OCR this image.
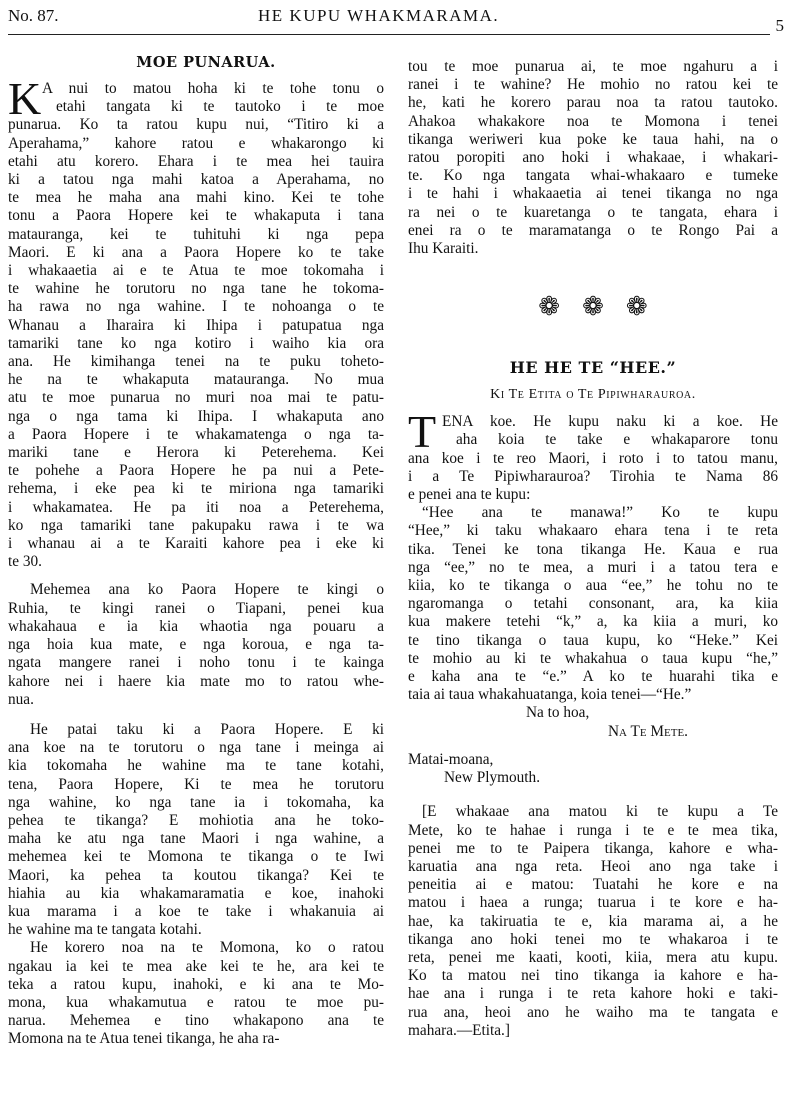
No. 87.	HE KUPU WHAKMARAMA.
5
MOE PUNARUA.
K A nui to matou hoha ki te tohe tonu o
etahi tangata ki te tautoko i te moe
punarua. Ko ta ratou kupu nui, “Titiro ki a
Aperahama,” kahore ratou e whakarongo ki
etahi atu korero. Ehara i te mea hei tauira
ki a tatou nga mahi katoa a Aperahama, no
te mea he maha ana mahi kino. Kei te tohe
tonu a Paora Hopere kei te whakaputa i tana
matauranga, kei te tuhituhi ki nga pepa
Maori. E ki ana a Paora Hopere ko te take
i whakaaetia ai e te Atua te moe tokomaha i
te wahine he torutoru no nga tane he tokoma-
ha rawa no nga wahine. I te nohoanga o te
Whanau a Iharaira ki Ihipa i patupatua nga
tamariki tane ko nga kotiro i waiho kia ora
ana. He kimihanga tenei na te puku toheto-
he na te whakaputa matauranga. No mua
atu te moe punarua no muri noa mai te patu-
nga o nga tama ki Ihipa. I whakaputa ano
a Paora Hopere i te whakamatenga o nga ta-
mariki tane e Herora ki Peterehema. Kei
te pohehe a Paora Hopere he pa nui a Pete-
rehema, i eke pea ki te miriona nga tamariki
i whakamatea. He pa iti noa a Peterehema,
ko nga tamariki tane pakupaku rawa i te wa
i whanau ai a te Karaiti kahore pea i eke ki
te 30.
Mehemea ana ko Paora Hopere te kingi o
Ruhia, te kingi ranei o Tiapani, penei kua
whakahaua e ia kia whaotia nga pouaru a
nga hoia kua mate, e nga koroua, e nga ta-
ngata mangere ranei i noho tonu i te kainga
kahore nei i haere kia mate mo to ratou whe-
nua.
He patai taku ki a Paora Hopere. E ki
ana koe na te torutoru o nga tane i meinga ai
kia tokomaha he wahine ma te tane kotahi,
tena, Paora Hopere, Ki te mea he torutoru
nga wahine, ko nga tane ia i tokomaha, ka
pehea te tikanga? E mohiotia ana he toko-
maha ke atu nga tane Maori i nga wahine, a
mehemea kei te Momona te tikanga o te Iwi
Maori, ka pehea ta koutou tikanga? Kei te
hiahia au kia whakamaramatia e koe, inahoki
kua marama i a koe te take i whakanuia ai
he wahine ma te tangata kotahi.
He korero noa na te Momona, ko o ratou
ngakau ia kei te mea ake kei te he, ara kei te
teka a ratou kupu, inahoki, e ki ana te Mo-
mona, kua whakamutua e ratou te moe pu-
narua. Mehemea e tino whakapono ana te
Momona na te Atua tenei tikanga, he aha ra-
tou te moe punarua ai, te moe ngahuru a i
ranei i te wahine? He mohio no ratou kei te
he, kati he korero parau noa ta ratou tautoko.
Ahakoa whakakore noa te Momona i tenei
tikanga weriweri kua poke ke taua hahi, na o
ratou poropiti ano hoki i whakaae, i whakari-
te. Ko nga tangata whai-whakaaro e tumeke
i te hahi i whakaaetia ai tenei tikanga no nga
ra nei o te kuaretanga o te tangata, ehara i
enei ra o te maramatanga o te Rongo Pai a
Ihu Karaiti.
❁❁❁
HE HE TE “HEE.”
Ki Te Etita o Te Pipiwharauroa.
T ENA koe. He kupu naku ki a koe. He
aha koia te take e whakaparore tonu
ana koe i te reo Maori, i roto i to tatou manu,
i a Te Pipiwharauroa? Tirohia te Nama 86
e penei ana te kupu:
“Hee ana te manawa!” Ko te kupu
“Hee,” ki taku whakaaro ehara tena i te reta
tika. Tenei ke tona tikanga He. Kaua e rua
nga “ee,” no te mea, a muri i a tatou tera e
kiia, ko te tikanga o aua “ee,” he tohu no te
ngaromanga o tetahi consonant, ara, ka kiia
kua makere tetehi “k,” a, ka kiia a muri, ko
te tino tikanga o taua kupu, ko “Heke.” Kei
te mohio au ki te whakahua o taua kupu “he,”
e kaha ana te “e.” A ko te huarahi tika e
taia ai taua whakahuatanga, koia tenei—“He.”
Na to hoa,
Na Te Mete.
Matai-moana,
New Plymouth.
[E whakaae ana matou ki te kupu a Te
Mete, ko te hahae i runga i te e te mea tika,
penei me to te Paipera tikanga, kahore e wha-
karuatia ana nga reta. Heoi ano nga take i
peneitia ai e matou: Tuatahi he kore e na
matou i haea a runga; tuarua i te kore e ha-
hae, ka takiruatia te e, kia marama ai, a he
tikanga ano hoki tenei mo te whakaroa i te
reta, penei me kaati, kooti, kiia, mera atu kupu.
Ko ta matou nei tino tikanga ia kahore e ha-
hae ana i runga i te reta kahore hoki e taki-
rua ana, heoi ano he waiho ma te tangata e
mahara.—Etita.]
